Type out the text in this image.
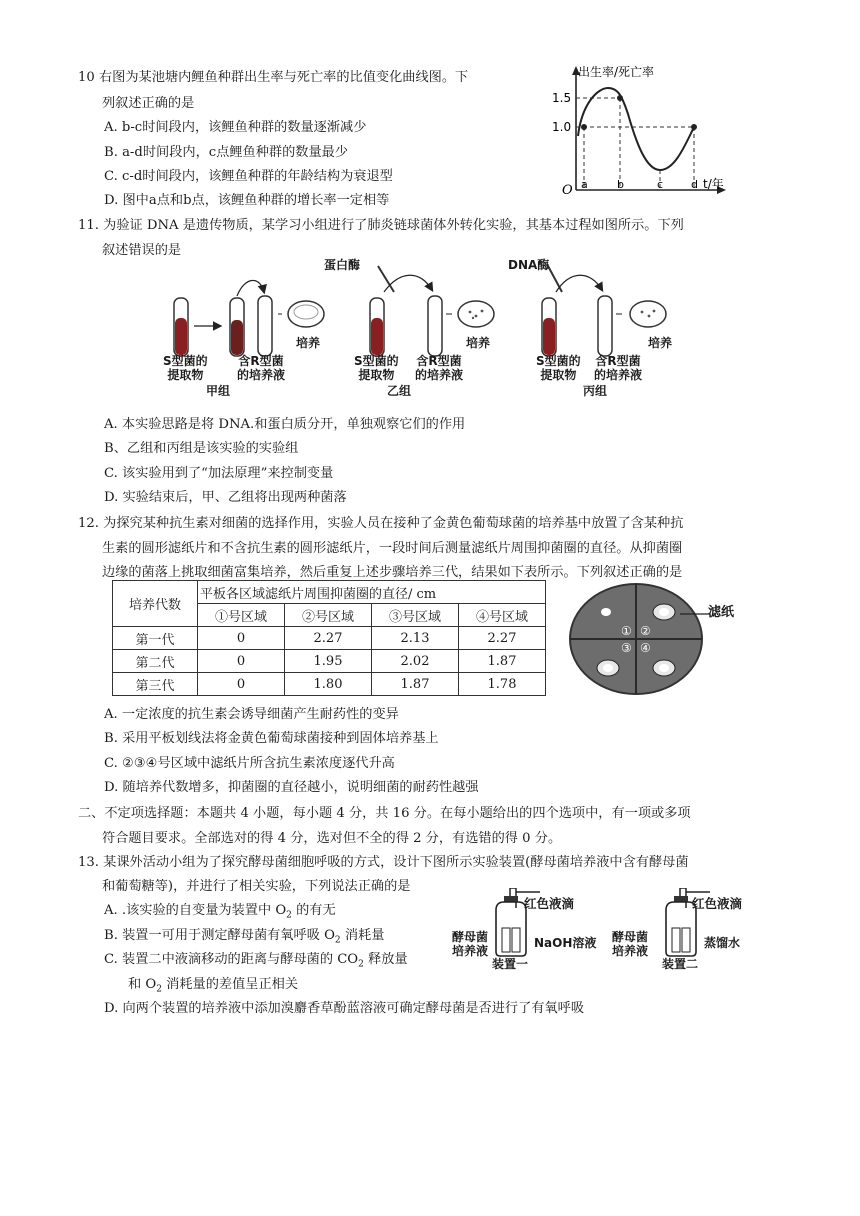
10 右图为某池塘内鲤鱼种群出生率与死亡率的比值变化曲线图。下
列叙述正确的是
A. b-c时间段内，该鲤鱼种群的数量逐渐减少
B. a-d时间段内，c点鲤鱼种群的数量最少
C. c-d时间段内，该鲤鱼种群的年龄结构为衰退型
D. 图中a点和b点，该鲤鱼种群的增长率一定相等
出生率/死亡率
1.5
1.0
O a	b	c	d t/年
11. 为验证 DNA 是遗传物质，某学习小组进行了肺炎链球菌体外转化实验，其基本过程如图所示。下列
叙述错误的是
蛋白酶	DNA酶
S型菌的
提取物
含R型菌
的培养液
培养
甲组
S型菌的
提取物
含R型菌
的培养液
培养
乙组
S型菌的
提取物
含R型菌
的培养液
培养
丙组
A. 本实验思路是将 DNA.和蛋白质分开，单独观察它们的作用
B、乙组和丙组是该实验的实验组
C. 该实验用到了“加法原理”来控制变量
D. 实验结束后，甲、乙组将出现两种菌落
12. 为探究某种抗生素对细菌的选择作用，实验人员在接种了金黄色葡萄球菌的培养基中放置了含某种抗
生素的圆形滤纸片和不含抗生素的圆形滤纸片，一段时间后测量滤纸片周围抑菌圈的直径。从抑菌圈
边缘的菌落上挑取细菌富集培养，然后重复上述步骤培养三代，结果如下表所示。下列叙述正确的是
培养代数	平板各区域滤纸片周围抑菌圈的直径/ cm			
	①号区域	②号区域	③号区域	④号区域
第一代	0	2.27	2.13	2.27
第二代	0	1.95	2.02	1.87
第三代	0	1.80	1.87	1.78
① ②
③ ④
滤纸
A. 一定浓度的抗生素会诱导细菌产生耐药性的变异
B. 采用平板划线法将金黄色葡萄球菌接种到固体培养基上
C. ②③④号区域中滤纸片所含抗生素浓度逐代升高
D. 随培养代数增多，抑菌圈的直径越小，说明细菌的耐药性越强
二、不定项选择题：本题共 4 小题，每小题 4 分，共 16 分。在每小题给出的四个选项中，有一项或多项
符合题目要求。全部选对的得 4 分，选对但不全的得 2 分，有选错的得 0 分。
13. 某课外活动小组为了探究酵母菌细胞呼吸的方式，设计下图所示实验装置(酵母菌培养液中含有酵母菌
和葡萄糖等)，并进行了相关实验，下列说法正确的是
A. .该实验的自变量为装置中 $O_2$ 的有无
B. 装置一可用于测定酵母菌有氧呼吸 $O_2$ 消耗量
C. 装置二中液滴移动的距离与酵母菌的 $CO_2$ 释放量
和 $O_2$ 消耗量的差值呈正相关
D. 向两个装置的培养液中添加溴麝香草酚蓝溶液可确定酵母菌是否进行了有氧呼吸
红色液滴	红色液滴
酵母菌
培养液
NaOH溶液
装置一
酵母菌
培养液
蒸馏水
装置二
